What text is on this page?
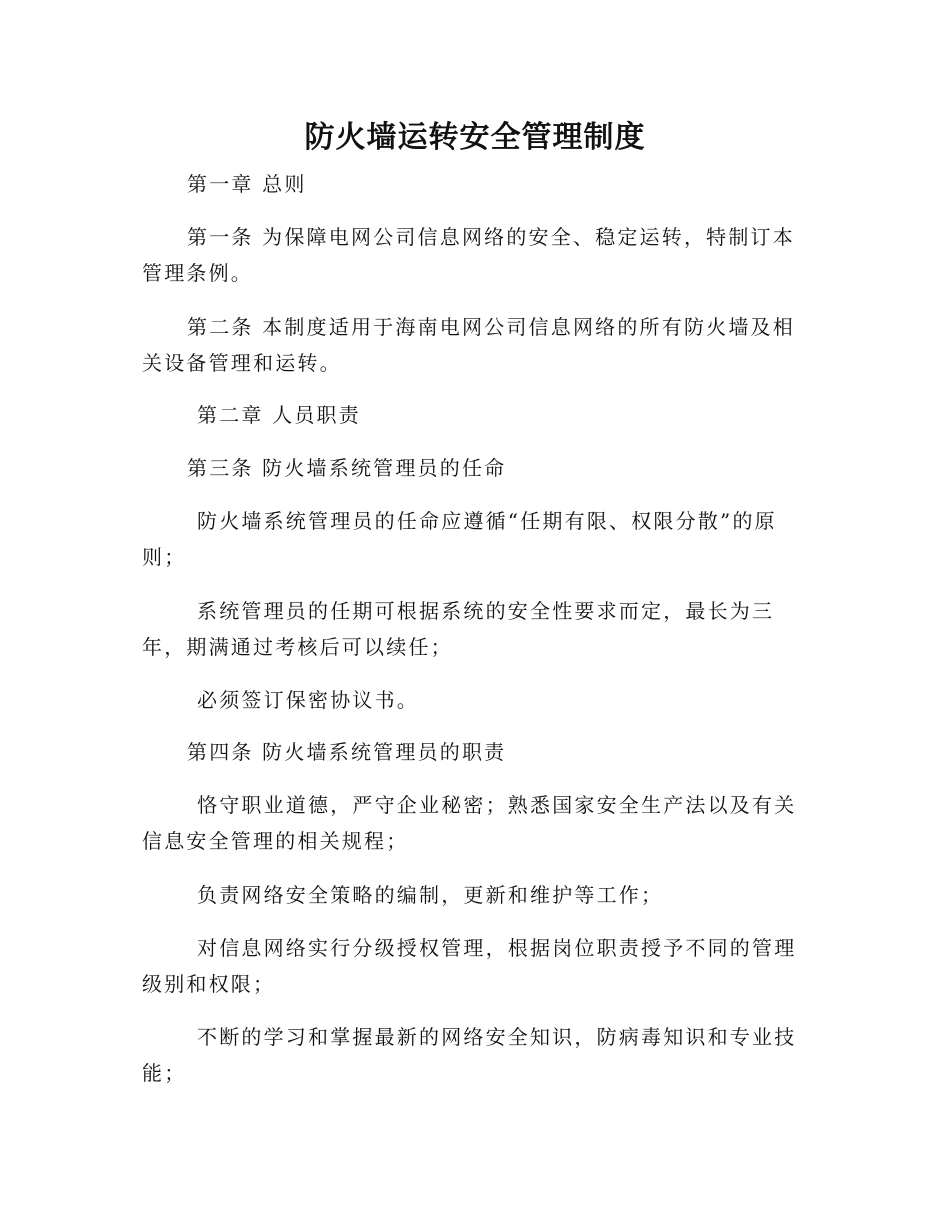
防火墙运转安全管理制度

第一章 总则

第一条 为保障电网公司信息网络的安全、稳定运转，特制订本管理条例。

第二条 本制度适用于海南电网公司信息网络的所有防火墙及相关设备管理和运转。

第二章 人员职责

第三条 防火墙系统管理员的任命

防火墙系统管理员的任命应遵循“任期有限、权限分散”的原则；

系统管理员的任期可根据系统的安全性要求而定，最长为三年，期满通过考核后可以续任；

必须签订保密协议书。

第四条 防火墙系统管理员的职责

恪守职业道德，严守企业秘密；熟悉国家安全生产法以及有关信息安全管理的相关规程；

负责网络安全策略的编制，更新和维护等工作；

对信息网络实行分级授权管理，根据岗位职责授予不同的管理级别和权限；

不断的学习和掌握最新的网络安全知识，防病毒知识和专业技能；
